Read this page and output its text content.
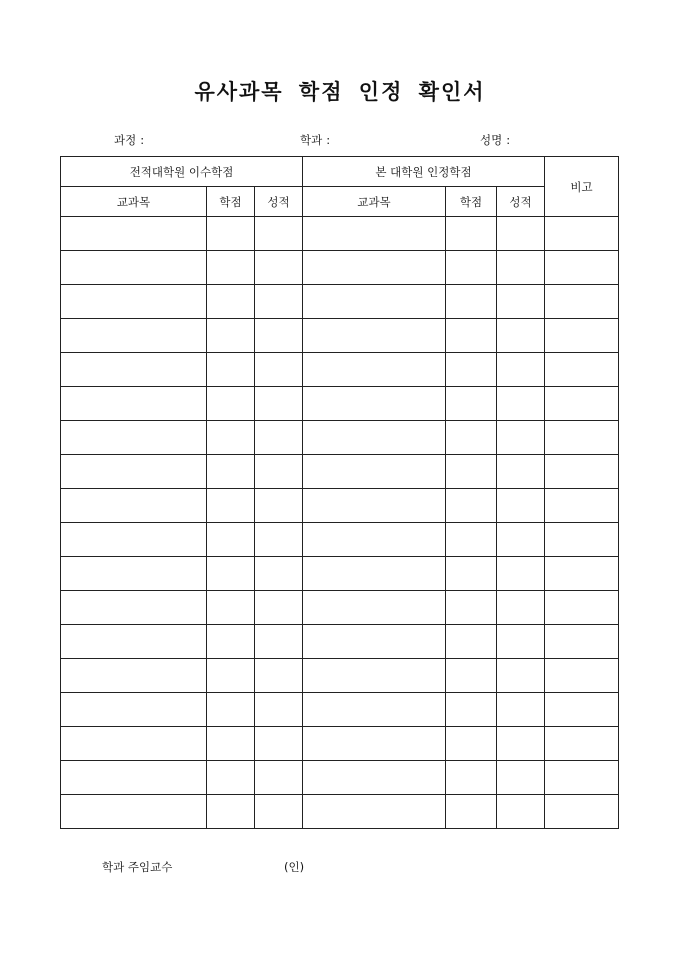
유사과목 학점 인정 확인서
과정 :	학과 :	성명 :
전적대학원 이수학점			본 대학원 인정학점			비고
교과목	학점	성적	교과목	학점	성적	

학과 주임교수	(인)
